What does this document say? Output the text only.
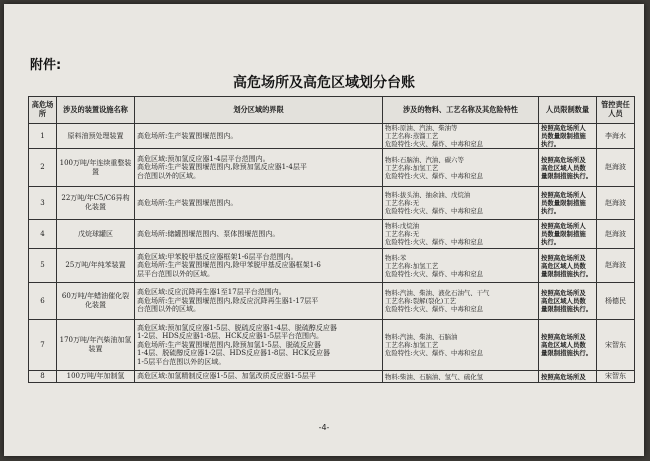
附件:
高危场所及高危区域划分台账
高危场所	涉及的装置设施名称	划分区域的界限	涉及的物料、工艺名称及其危险特性	人员限制数量	管控责任人员
1	原料油预处理装置	高危场所:生产装置围堰范围内。	物料:原油、汽油、柴油等
工艺名称:蒸馏工艺
危险特性:火灾、爆炸、中毒和窒息	按照高危场所人
员数量限制措施
执行。	李海水
2	100万吨/年连续重整装置	高危区域:预加氢反应器1-4层平台范围内。
高危场所:生产装置围堰范围内,除预加氢反应器1-4层平
台范围以外的区域。	物料:石脑油、汽油、碳六等
工艺名称:加氢工艺
危险特性:火灾、爆炸、中毒和窒息	按照高危场所及
高危区域人员数
量限制措施执行。	赵海波
3	22万吨/年C5/C6异构化装置	高危场所:生产装置围堰范围内。	物料:拔头油、抽余油、戊烷油
工艺名称:无
危险特性:火灾、爆炸、中毒和窒息	按照高危场所人
员数量限制措施
执行。	赵海波
4	戊烷球罐区	高危场所:储罐围堰范围内、泵体围堰范围内。	物料:戊烷油
工艺名称:无
危险特性:火灾、爆炸、中毒和窒息	按照高危场所人
员数量限制措施
执行。	赵海波
5	25万吨/年纯苯装置	高危区域:甲苯脱甲基反应器框架1-6层平台范围内。
高危场所:生产装置围堰范围内,除甲苯脱甲基反应器框架1-6
层平台范围以外的区域。	物料:苯
工艺名称:加氢工艺
危险特性:火灾、爆炸、中毒和窒息	按照高危场所及
高危区域人员数
量限制措施执行。	赵海波
6	60万吨/年蜡油催化裂化装置	高危区域:反应沉降再生器1至17层平台范围内。
高危场所:生产装置围堰范围内,除反应沉降再生器1-17层平
台范围以外的区域。	物料:汽油、柴油、液化石油气、干气
工艺名称:裂解(裂化)工艺
危险特性:火灾、爆炸、中毒和窒息	按照高危场所及
高危区域人员数
量限制措施执行。	杨德民
7	170万吨/年汽柴油加氢装置	高危区域:预加氢反应器1-5层、脱硫反应器1-4层、脱硫醇反应器
1-2层、HDS反应器1-8层、HCK反应器1-5层平台范围内。
高危场所:生产装置围堰范围内,除预加氢1-5层、脱硫反应器
1-4层、脱硫醇反应器1-2层、HDS反应器1-8层、HCK反应器
1-5层平台范围以外的区域。	物料:汽油、柴油、石脑油
工艺名称:加氢工艺
危险特性:火灾、爆炸、中毒和窒息	按照高危场所及
高危区域人员数
量限制措施执行。	宋智东
8	100万吨/年加制氢	高危区域:加氢精制反应器1-5层、加氢改质反应器1-5层平	物料:柴油、石脑油、氢气、硫化氢	按照高危场所及	宋智东
-4-
